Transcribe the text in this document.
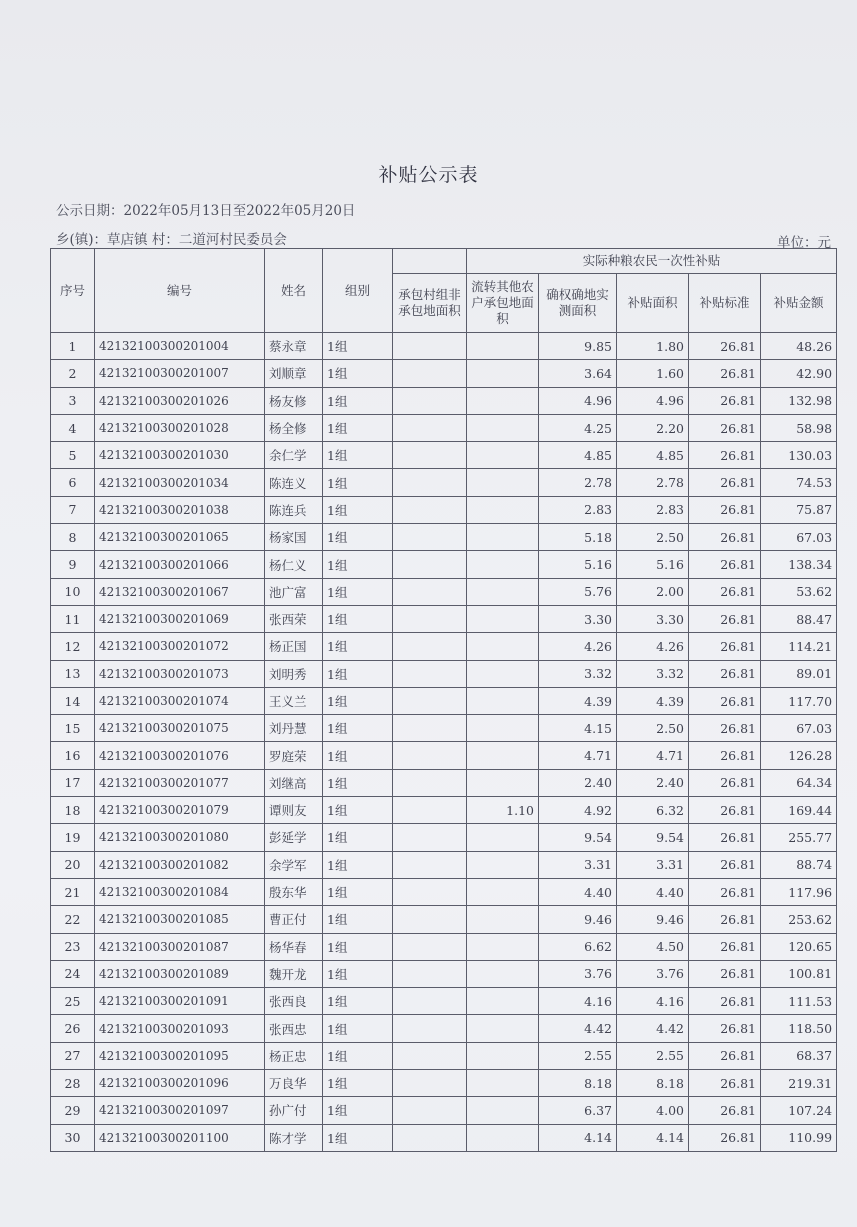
补贴公示表
公示日期：2022年05月13日至2022年05月20日
乡(镇)：草店镇 村：二道河村民委员会	单位：元
序号	编号	姓名	组别		实际种粮农民一次性补贴				
				承包村组非承包地面积	流转其他农户承包地面积	确权确地实测面积	补贴面积	补贴标准	补贴金额
1	42132100300201004	蔡永章	1组			9.85	1.80	26.81	48.26
2	42132100300201007	刘顺章	1组			3.64	1.60	26.81	42.90
3	42132100300201026	杨友修	1组			4.96	4.96	26.81	132.98
4	42132100300201028	杨全修	1组			4.25	2.20	26.81	58.98
5	42132100300201030	余仁学	1组			4.85	4.85	26.81	130.03
6	42132100300201034	陈连义	1组			2.78	2.78	26.81	74.53
7	42132100300201038	陈连兵	1组			2.83	2.83	26.81	75.87
8	42132100300201065	杨家国	1组			5.18	2.50	26.81	67.03
9	42132100300201066	杨仁义	1组			5.16	5.16	26.81	138.34
10	42132100300201067	池广富	1组			5.76	2.00	26.81	53.62
11	42132100300201069	张西荣	1组			3.30	3.30	26.81	88.47
12	42132100300201072	杨正国	1组			4.26	4.26	26.81	114.21
13	42132100300201073	刘明秀	1组			3.32	3.32	26.81	89.01
14	42132100300201074	王义兰	1组			4.39	4.39	26.81	117.70
15	42132100300201075	刘丹慧	1组			4.15	2.50	26.81	67.03
16	42132100300201076	罗庭荣	1组			4.71	4.71	26.81	126.28
17	42132100300201077	刘继高	1组			2.40	2.40	26.81	64.34
18	42132100300201079	谭则友	1组		1.10	4.92	6.32	26.81	169.44
19	42132100300201080	彭延学	1组			9.54	9.54	26.81	255.77
20	42132100300201082	余学军	1组			3.31	3.31	26.81	88.74
21	42132100300201084	殷东华	1组			4.40	4.40	26.81	117.96
22	42132100300201085	曹正付	1组			9.46	9.46	26.81	253.62
23	42132100300201087	杨华春	1组			6.62	4.50	26.81	120.65
24	42132100300201089	魏开龙	1组			3.76	3.76	26.81	100.81
25	42132100300201091	张西良	1组			4.16	4.16	26.81	111.53
26	42132100300201093	张西忠	1组			4.42	4.42	26.81	118.50
27	42132100300201095	杨正忠	1组			2.55	2.55	26.81	68.37
28	42132100300201096	万良华	1组			8.18	8.18	26.81	219.31
29	42132100300201097	孙广付	1组			6.37	4.00	26.81	107.24
30	42132100300201100	陈才学	1组			4.14	4.14	26.81	110.99
